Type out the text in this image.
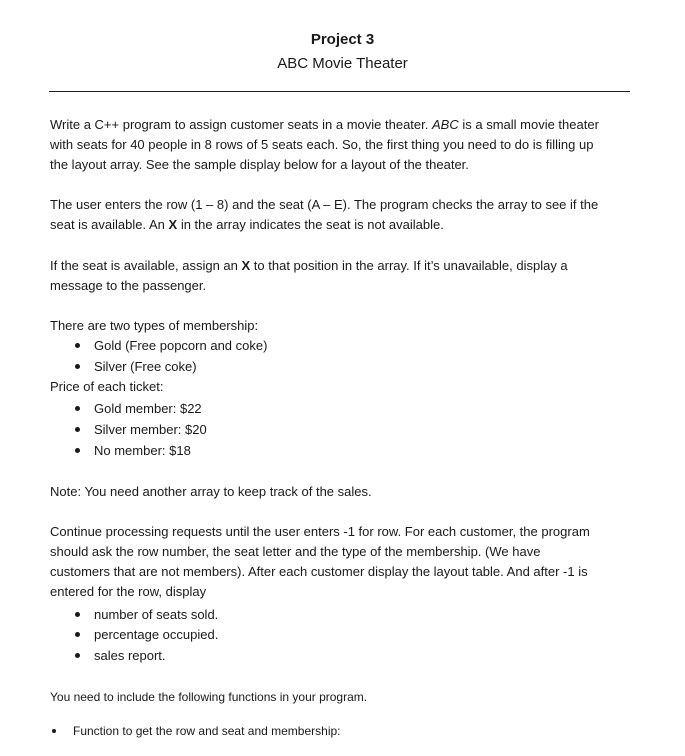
Project 3
ABC Movie Theater
Write a C++ program to assign customer seats in a movie theater. ABC is a small movie theater
with seats for 40 people in 8 rows of 5 seats each. So, the first thing you need to do is filling up
the layout array. See the sample display below for a layout of the theater.
The user enters the row (1 – 8) and the seat (A – E). The program checks the array to see if the
seat is available. An X in the array indicates the seat is not available.
If the seat is available, assign an X to that position in the array. If it’s unavailable, display a
message to the passenger.
There are two types of membership:
Gold (Free popcorn and coke)
Silver (Free coke)
Price of each ticket:
Gold member: $22
Silver member: $20
No member: $18
Note: You need another array to keep track of the sales.
Continue processing requests until the user enters -1 for row. For each customer, the program
should ask the row number, the seat letter and the type of the membership. (We have
customers that are not members). After each customer display the layout table. And after -1 is
entered for the row, display
number of seats sold.
percentage occupied.
sales report.
You need to include the following functions in your program.
Function to get the row and seat and membership:
